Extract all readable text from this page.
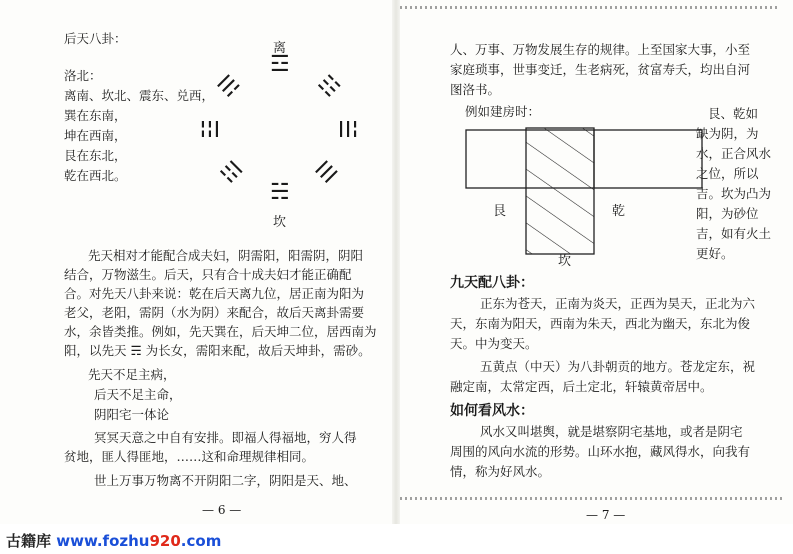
后天八卦：
洛北：
离南、坎北、震东、兑西，
巽在东南，
坤在西南，
艮在东北，
乾在西北。
离
☲
☴	☷
☳	☱
☶	☰
☵
坎
先天相对才能配合成夫妇，阴需阳，阳需阴，阴阳
结合，万物滋生。后天，只有合十成夫妇才能正确配
合。对先天八卦来说：乾在后天离九位，居正南为阳为
老父，老阳，需阴（水为阴）来配合，故后天离卦需要
水，余皆类推。例如，先天巽在，后天坤二位，居西南为
阳，以先天 ☴ 为长女，需阳来配，故后天坤卦，需砂。
先天不足主病，
后天不足主命，
阴阳宅一体论
冥冥天意之中自有安排。即福人得福地，穷人得
贫地，匪人得匪地，……这和命理规律相同。
世上万事万物离不开阴阳二字，阴阳是天、地、
— 6 —
人、万事、万物发展生存的规律。上至国家大事，小至
家庭琐事，世事变迁，生老病死，贫富寿夭，均出自河
图洛书。
例如建房时：
艮	乾
坎
艮、乾如
缺为阴，为
水，正合风水
之位，所以
吉。坎为凸为
阳，为砂位
吉，如有火土
更好。
九天配八卦：
正东为苍天，正南为炎天，正西为昊天，正北为六
天，东南为阳天，西南为朱天，西北为幽天，东北为俊
天。中为变天。
五黄点（中天）为八卦朝贡的地方。苍龙定东，祝
融定南，太常定西，后土定北，轩辕黄帝居中。
如何看风水：
风水又叫堪舆，就是堪察阴宅基地，或者是阴宅
周围的风向水流的形势。山环水抱，藏风得水，向我有
情，称为好风水。
— 7 —
古籍库 www.fozhu920.com
